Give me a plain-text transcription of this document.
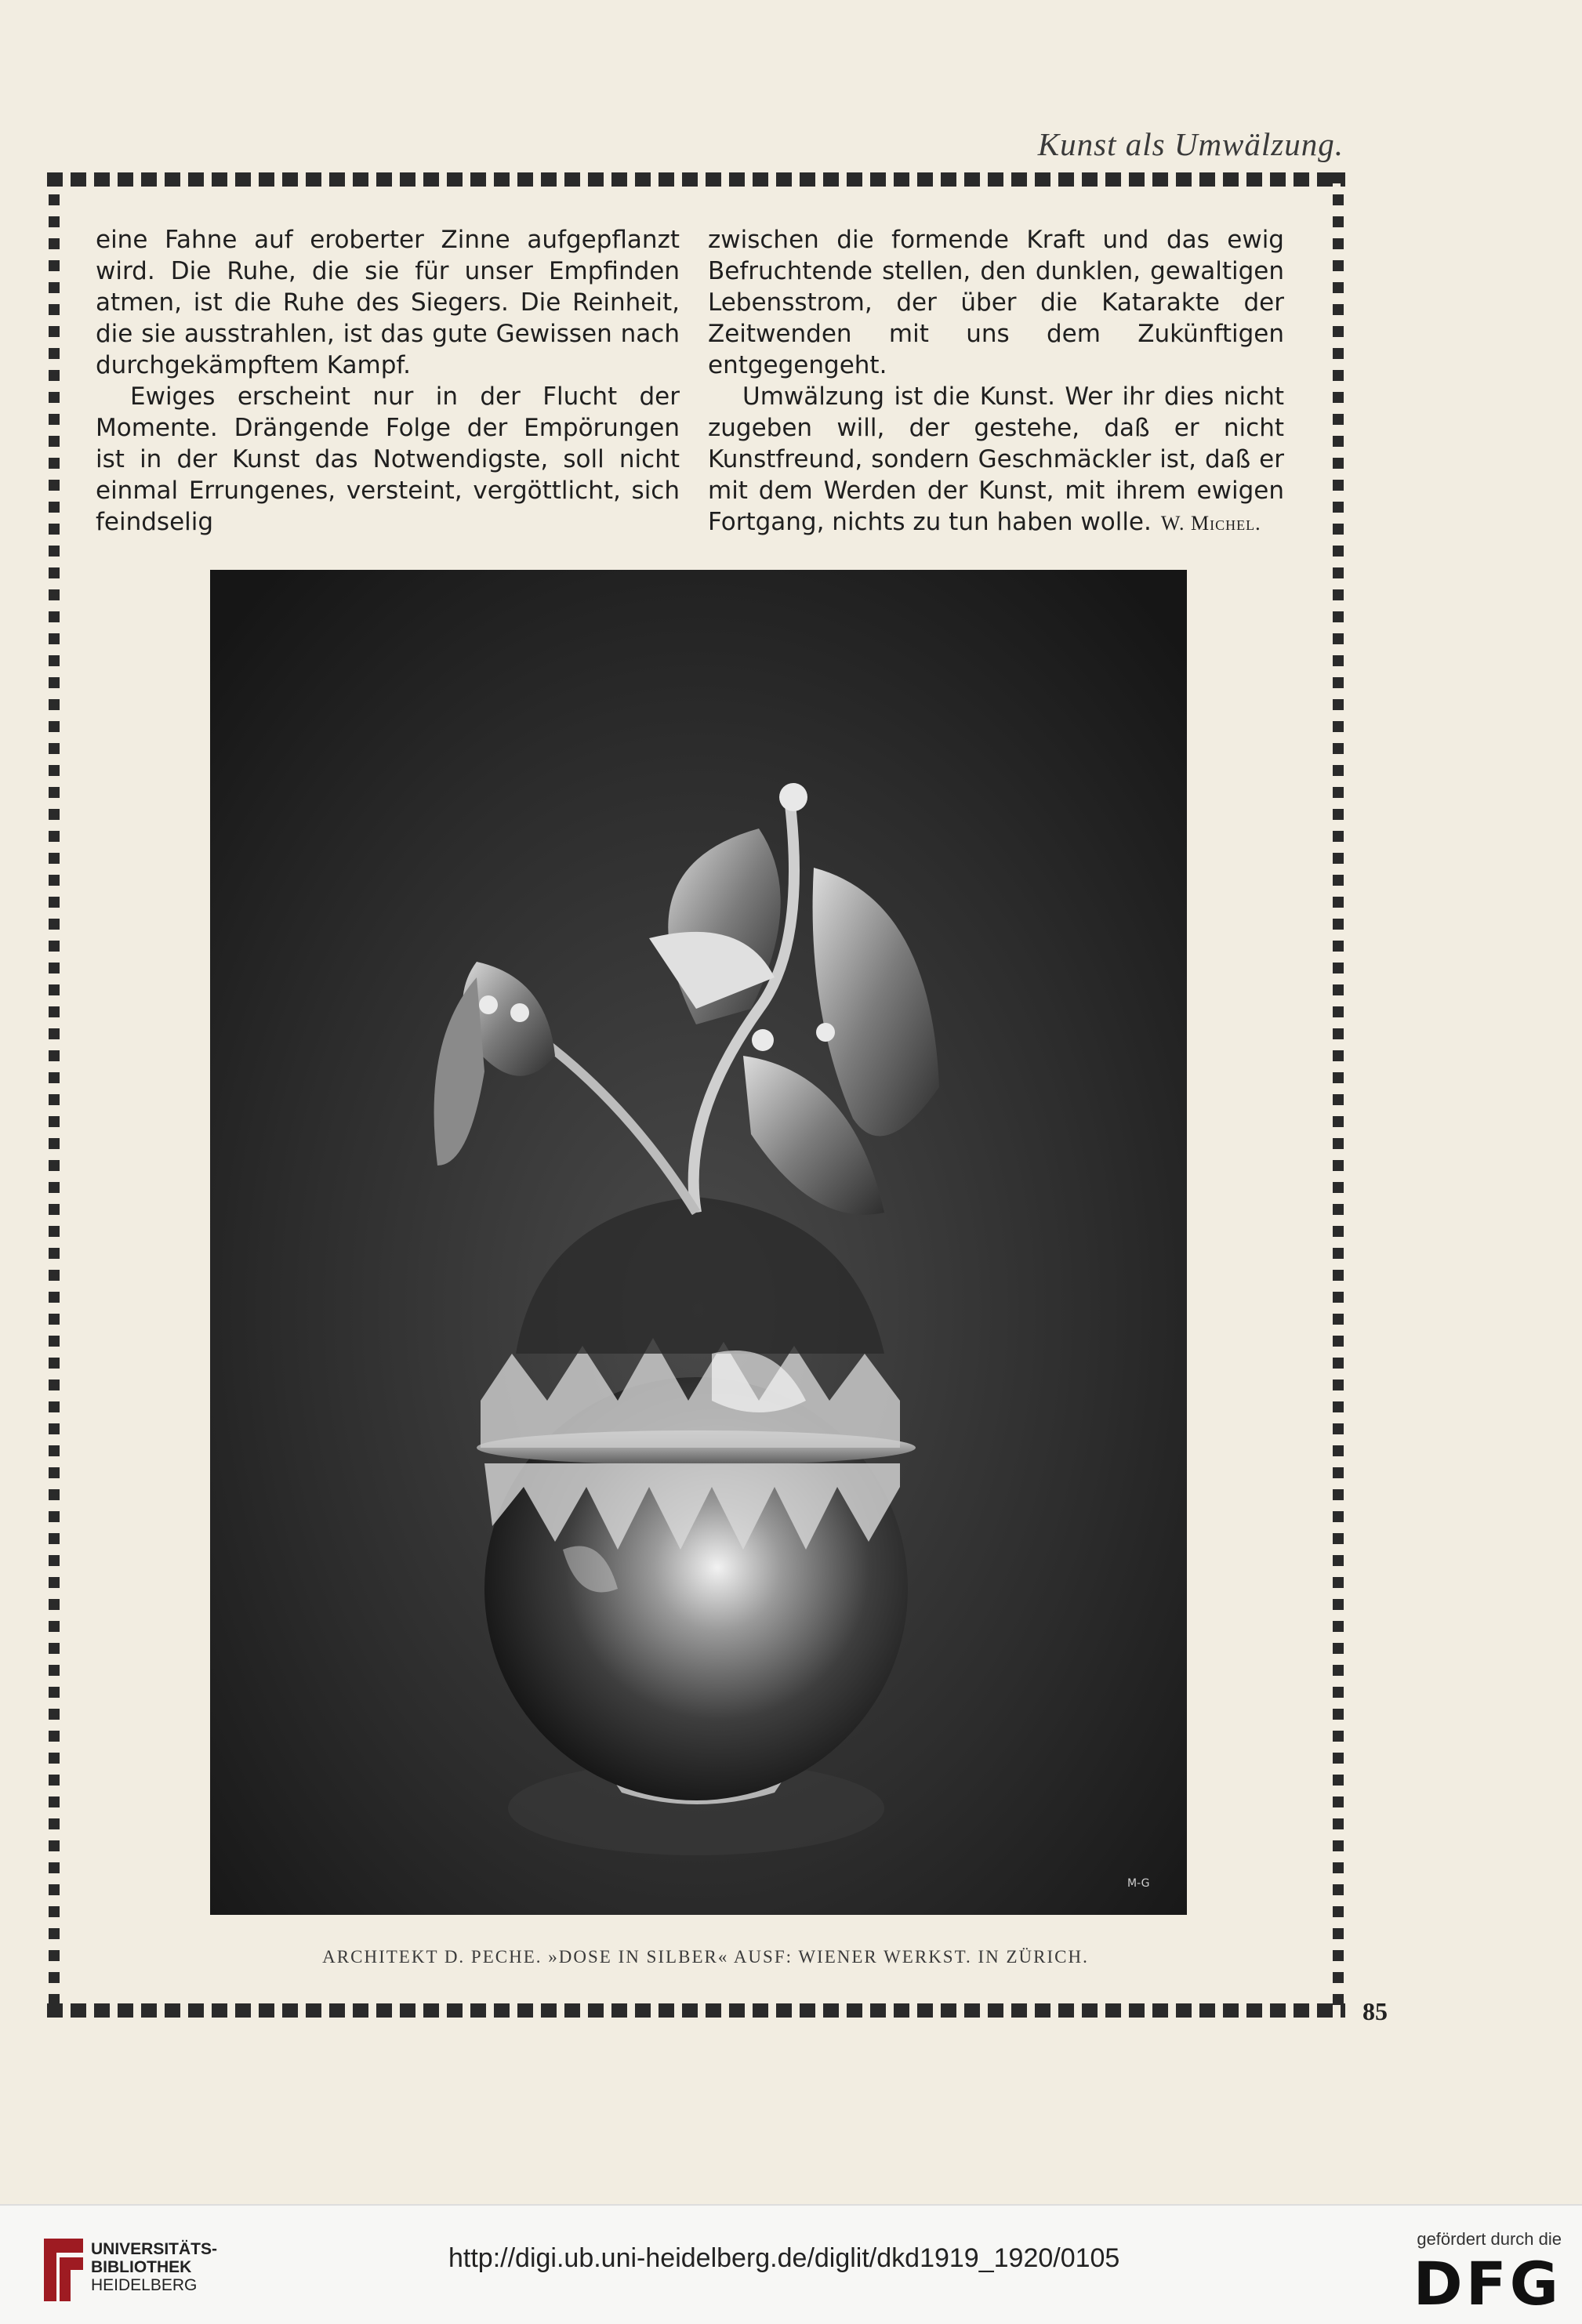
Kunst als Umwälzung.

eine Fahne auf eroberter Zinne aufgepflanzt wird. Die Ruhe, die sie für unser Empfinden atmen, ist die Ruhe des Siegers. Die Reinheit, die sie ausstrahlen, ist das gute Gewissen nach durchgekämpftem Kampf.

Ewiges erscheint nur in der Flucht der Momente. Drängende Folge der Empörungen ist in der Kunst das Notwendigste, soll nicht einmal Errungenes, versteint, vergöttlicht, sich feindselig

zwischen die formende Kraft und das ewig Befruchtende stellen, den dunklen, gewaltigen Lebensstrom, der über die Katarakte der Zeitwenden mit uns dem Zukünftigen entgegengeht.

Umwälzung ist die Kunst. Wer ihr dies nicht zugeben will, der gestehe, daß er nicht Kunstfreund, sondern Geschmäckler ist, daß er mit dem Werden der Kunst, mit ihrem ewigen Fortgang, nichts zu tun haben wolle. W. Michel.

M-G
ARCHITEKT D. PECHE. »DOSE IN SILBER« AUSF: WIENER WERKST. IN ZÜRICH.
85
UNIVERSITÄTS-
BIBLIOTHEK
HEIDELBERG
http://digi.ub.uni-heidelberg.de/diglit/dkd1919_1920/0105
gefördert durch die
DFG
